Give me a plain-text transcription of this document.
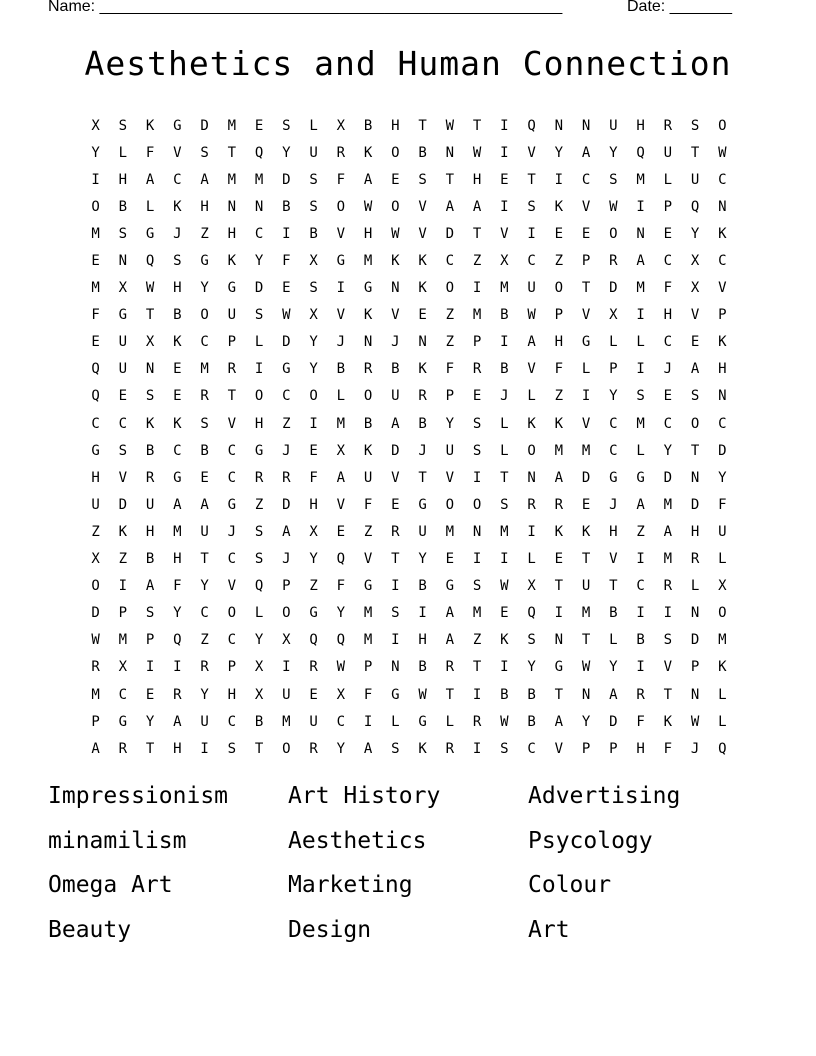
Name: ____________________________________________________	Date: _______
Aesthetics and Human Connection
X	S	K	G	D	M	E	S	L	X	B	H	T	W	T	I	Q	N	N	U	H	R	S	O
Y	L	F	V	S	T	Q	Y	U	R	K	O	B	N	W	I	V	Y	A	Y	Q	U	T	W
I	H	A	C	A	M	M	D	S	F	A	E	S	T	H	E	T	I	C	S	M	L	U	C
O	B	L	K	H	N	N	B	S	O	W	O	V	A	A	I	S	K	V	W	I	P	Q	N
M	S	G	J	Z	H	C	I	B	V	H	W	V	D	T	V	I	E	E	O	N	E	Y	K
E	N	Q	S	G	K	Y	F	X	G	M	K	K	C	Z	X	C	Z	P	R	A	C	X	C
M	X	W	H	Y	G	D	E	S	I	G	N	K	O	I	M	U	O	T	D	M	F	X	V
F	G	T	B	O	U	S	W	X	V	K	V	E	Z	M	B	W	P	V	X	I	H	V	P
E	U	X	K	C	P	L	D	Y	J	N	J	N	Z	P	I	A	H	G	L	L	C	E	K
Q	U	N	E	M	R	I	G	Y	B	R	B	K	F	R	B	V	F	L	P	I	J	A	H
Q	E	S	E	R	T	O	C	O	L	O	U	R	P	E	J	L	Z	I	Y	S	E	S	N
C	C	K	K	S	V	H	Z	I	M	B	A	B	Y	S	L	K	K	V	C	M	C	O	C
G	S	B	C	B	C	G	J	E	X	K	D	J	U	S	L	O	M	M	C	L	Y	T	D
H	V	R	G	E	C	R	R	F	A	U	V	T	V	I	T	N	A	D	G	G	D	N	Y
U	D	U	A	A	G	Z	D	H	V	F	E	G	O	O	S	R	R	E	J	A	M	D	F
Z	K	H	M	U	J	S	A	X	E	Z	R	U	M	N	M	I	K	K	H	Z	A	H	U
X	Z	B	H	T	C	S	J	Y	Q	V	T	Y	E	I	I	L	E	T	V	I	M	R	L
O	I	A	F	Y	V	Q	P	Z	F	G	I	B	G	S	W	X	T	U	T	C	R	L	X
D	P	S	Y	C	O	L	O	G	Y	M	S	I	A	M	E	Q	I	M	B	I	I	N	O
W	M	P	Q	Z	C	Y	X	Q	Q	M	I	H	A	Z	K	S	N	T	L	B	S	D	M
R	X	I	I	R	P	X	I	R	W	P	N	B	R	T	I	Y	G	W	Y	I	V	P	K
M	C	E	R	Y	H	X	U	E	X	F	G	W	T	I	B	B	T	N	A	R	T	N	L
P	G	Y	A	U	C	B	M	U	C	I	L	G	L	R	W	B	A	Y	D	F	K	W	L
A	R	T	H	I	S	T	O	R	Y	A	S	K	R	I	S	C	V	P	P	H	F	J	Q
Impressionism	Art History	Advertising
minamilism	Aesthetics	Psycology
Omega Art	Marketing	Colour
Beauty	Design	Art
